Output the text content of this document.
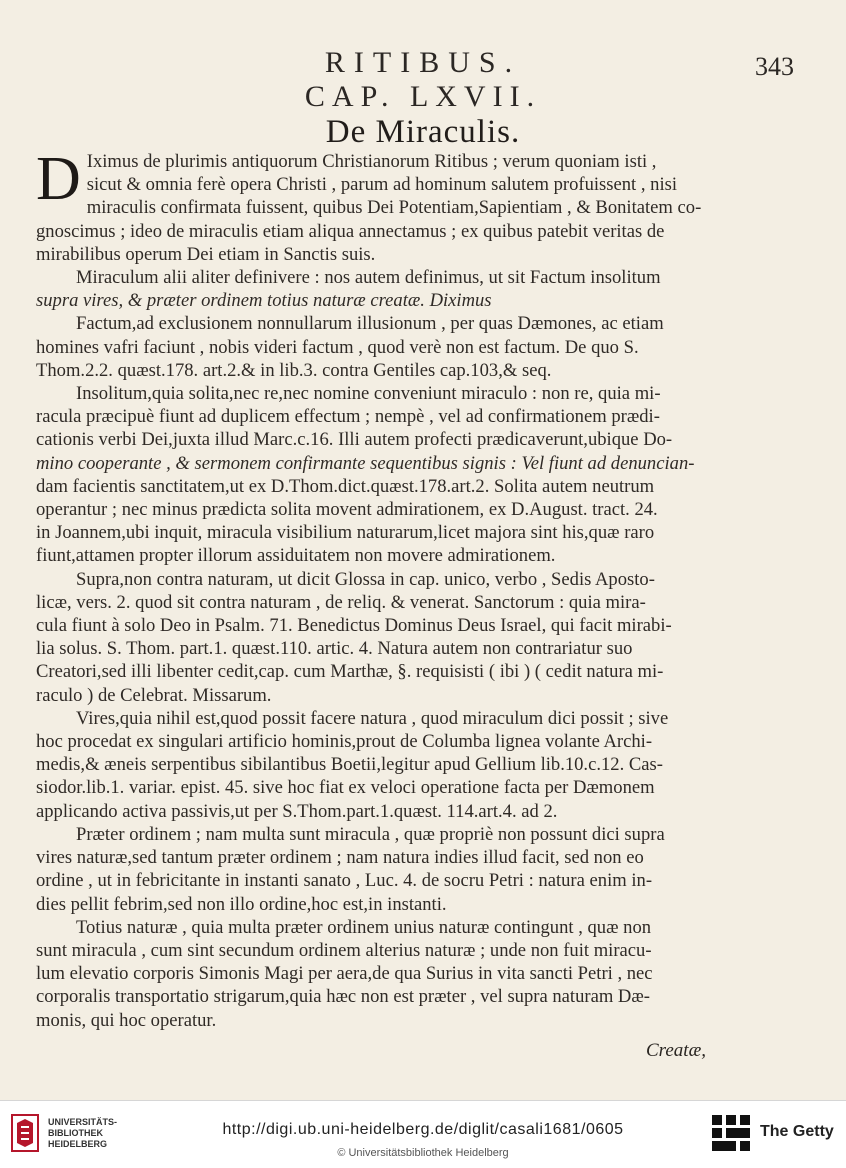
RITIBUS.	343
CAP. LXVII.
De Miraculis.
D Iximus de plurimis antiquorum Christianorum Ritibus ; verum quoniam isti ,
sicut & omnia ferè opera Christi , parum ad hominum salutem profuissent , nisi
miraculis confirmata fuissent, quibus Dei Potentiam,Sapientiam , & Bonitatem co-
gnoscimus ; ideo de miraculis etiam aliqua annectamus ; ex quibus patebit veritas de
mirabilibus operum Dei etiam in Sanctis suis.
Miraculum alii aliter definivere : nos autem definimus, ut sit Factum insolitum
supra vires, & præter ordinem totius naturæ creatæ. Diximus
Factum,ad exclusionem nonnullarum illusionum , per quas Dæmones, ac etiam
homines vafri faciunt , nobis videri factum , quod verè non est factum. De quo S.
Thom.2.2. quæst.178. art.2.& in lib.3. contra Gentiles cap.103,& seq.
Insolitum,quia solita,nec re,nec nomine conveniunt miraculo : non re, quia mi-
racula præcipuè fiunt ad duplicem effectum ; nempè , vel ad confirmationem prædi-
cationis verbi Dei,juxta illud Marc.c.16. Illi autem profecti prædicaverunt,ubique Do-
mino cooperante , & sermonem confirmante sequentibus signis : Vel fiunt ad denuncian-
dam facientis sanctitatem,ut ex D.Thom.dict.quæst.178.art.2. Solita autem neutrum
operantur ; nec minus prædicta solita movent admirationem, ex D.August. tract. 24.
in Joannem,ubi inquit, miracula visibilium naturarum,licet majora sint his,quæ raro
fiunt,attamen propter illorum assiduitatem non movere admirationem.
Supra,non contra naturam, ut dicit Glossa in cap. unico, verbo , Sedis Aposto-
licæ, vers. 2. quod sit contra naturam , de reliq. & venerat. Sanctorum : quia mira-
cula fiunt à solo Deo in Psalm. 71. Benedictus Dominus Deus Israel, qui facit mirabi-
lia solus. S. Thom. part.1. quæst.110. artic. 4. Natura autem non contrariatur suo
Creatori,sed illi libenter cedit,cap. cum Marthæ, §. requisisti ( ibi ) ( cedit natura mi-
raculo ) de Celebrat. Missarum.
Vires,quia nihil est,quod possit facere natura , quod miraculum dici possit ; sive
hoc procedat ex singulari artificio hominis,prout de Columba lignea volante Archi-
medis,& æneis serpentibus sibilantibus Boetii,legitur apud Gellium lib.10.c.12. Cas-
siodor.lib.1. variar. epist. 45. sive hoc fiat ex veloci operatione facta per Dæmonem
applicando activa passivis,ut per S.Thom.part.1.quæst. 114.art.4. ad 2.
Præter ordinem ; nam multa sunt miracula , quæ propriè non possunt dici supra
vires naturæ,sed tantum præter ordinem ; nam natura indies illud facit, sed non eo
ordine , ut in febricitante in instanti sanato , Luc. 4. de socru Petri : natura enim in-
dies pellit febrim,sed non illo ordine,hoc est,in instanti.
Totius naturæ , quia multa præter ordinem unius naturæ contingunt , quæ non
sunt miracula , cum sint secundum ordinem alterius naturæ ; unde non fuit miracu-
lum elevatio corporis Simonis Magi per aera,de qua Surius in vita sancti Petri , nec
corporalis transportatio strigarum,quia hæc non est præter , vel supra naturam Dæ-
monis, qui hoc operatur.
Creatæ,
UNIVERSITÄTS-
BIBLIOTHEK
HEIDELBERG
http://digi.ub.uni-heidelberg.de/diglit/casali1681/0605
© Universitätsbibliothek Heidelberg
The Getty
